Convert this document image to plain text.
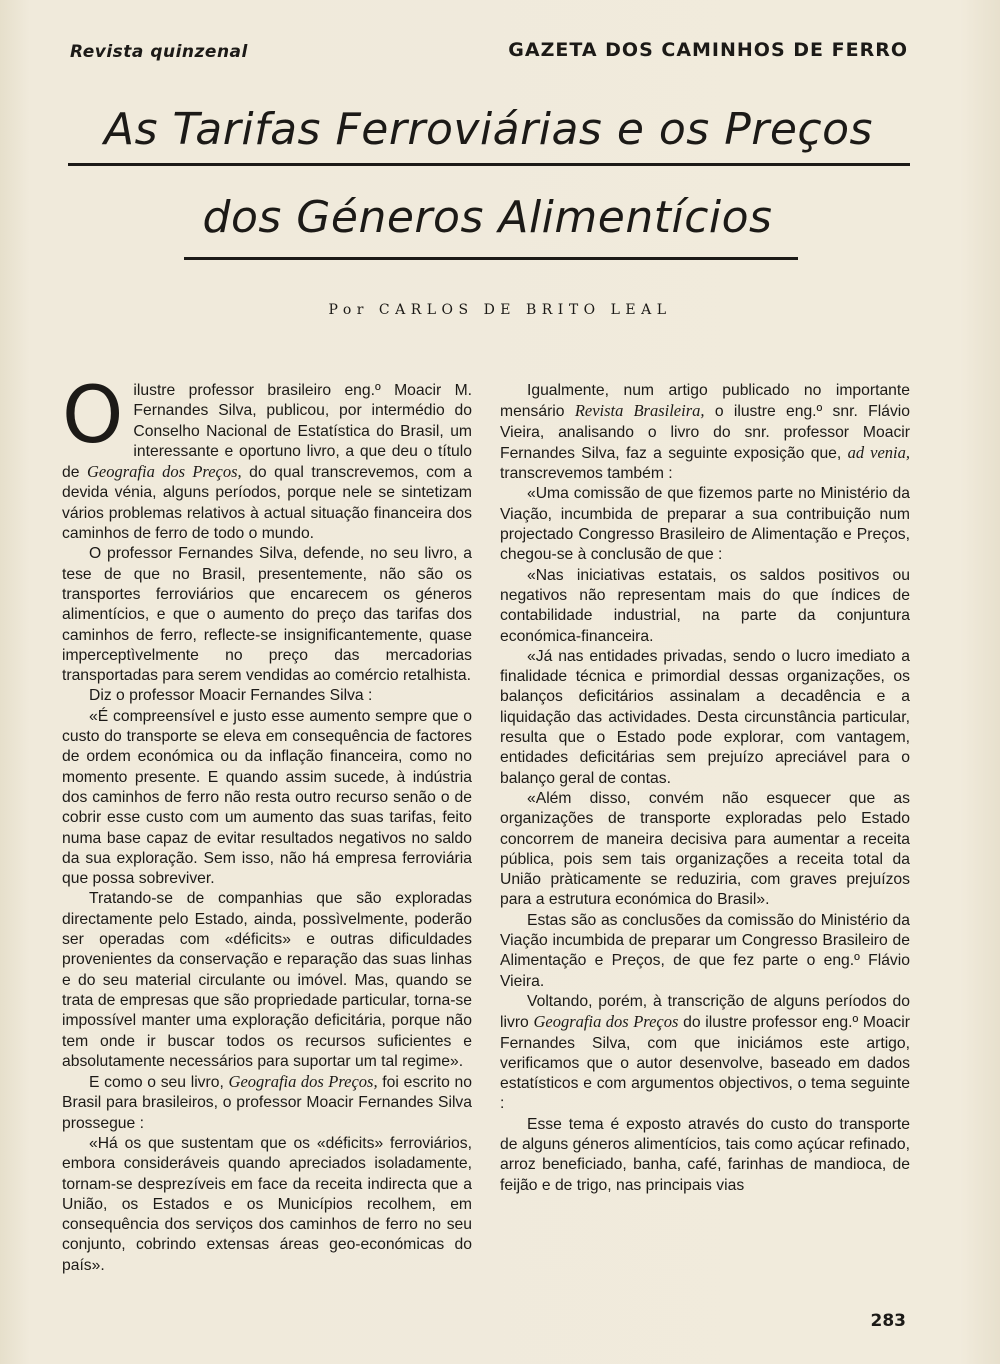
Revista quinzenal	GAZETA DOS CAMINHOS DE FERRO
As Tarifas Ferroviárias e os Preços
dos Géneros Alimentícios
Por CARLOS DE BRITO LEAL

Oilustre professor brasileiro eng.º Moacir M. Fernandes Silva, publicou, por intermédio do Conselho Nacional de Estatística do Brasil, um interessante e oportuno livro, a que deu o título de Geografia dos Preços, do qual transcrevemos, com a devida vénia, alguns períodos, porque nele se sintetizam vários problemas relativos à actual situação financeira dos caminhos de ferro de todo o mundo.

O professor Fernandes Silva, defende, no seu livro, a tese de que no Brasil, presentemente, não são os transportes ferroviários que encarecem os géneros alimentícios, e que o aumento do preço das tarifas dos caminhos de ferro, reflecte-se insignificantemente, quase imperceptìvelmente no preço das mercadorias transportadas para serem vendidas ao comércio retalhista.

Diz o professor Moacir Fernandes Silva :

«É compreensível e justo esse aumento sempre que o custo do transporte se eleva em consequência de factores de ordem económica ou da inflação financeira, como no momento presente. E quando assim sucede, à indústria dos caminhos de ferro não resta outro recurso senão o de cobrir esse custo com um aumento das suas tarifas, feito numa base capaz de evitar resultados negativos no saldo da sua exploração. Sem isso, não há empresa ferroviária que possa sobreviver.

Tratando-se de companhias que são exploradas directamente pelo Estado, ainda, possìvelmente, poderão ser operadas com «déficits» e outras dificuldades provenientes da conservação e reparação das suas linhas e do seu material circulante ou imóvel. Mas, quando se trata de empresas que são propriedade particular, torna-se impossível manter uma exploração deficitária, porque não tem onde ir buscar todos os recursos suficientes e absolutamente necessários para suportar um tal regime».

E como o seu livro, Geografia dos Preços, foi escrito no Brasil para brasileiros, o professor Moacir Fernandes Silva prossegue :

«Há os que sustentam que os «déficits» ferroviários, embora consideráveis quando apreciados isoladamente, tornam-se desprezíveis em face da receita indirecta que a União, os Estados e os Municípios recolhem, em consequência dos serviços dos caminhos de ferro no seu conjunto, cobrindo extensas áreas geo-económicas do país».

Igualmente, num artigo publicado no importante mensário Revista Brasileira, o ilustre eng.º snr. Flávio Vieira, analisando o livro do snr. professor Moacir Fernandes Silva, faz a seguinte exposição que, ad venia, transcrevemos também :

«Uma comissão de que fizemos parte no Ministério da Viação, incumbida de preparar a sua contribuição num projectado Congresso Brasileiro de Alimentação e Preços, chegou-se à conclusão de que :

«Nas iniciativas estatais, os saldos positivos ou negativos não representam mais do que índices de contabilidade industrial, na parte da conjuntura económica-financeira.

«Já nas entidades privadas, sendo o lucro imediato a finalidade técnica e primordial dessas organizações, os balanços deficitários assinalam a decadência e a liquidação das actividades. Desta circunstância particular, resulta que o Estado pode explorar, com vantagem, entidades deficitárias sem prejuízo apreciável para o balanço geral de contas.

«Além disso, convém não esquecer que as organizações de transporte exploradas pelo Estado concorrem de maneira decisiva para aumentar a receita pública, pois sem tais organizações a receita total da União pràticamente se reduziria, com graves prejuízos para a estrutura económica do Brasil».

Estas são as conclusões da comissão do Ministério da Viação incumbida de preparar um Congresso Brasileiro de Alimentação e Preços, de que fez parte o eng.º Flávio Vieira.

Voltando, porém, à transcrição de alguns períodos do livro Geografia dos Preços do ilustre professor eng.º Moacir Fernandes Silva, com que iniciámos este artigo, verificamos que o autor desenvolve, baseado em dados estatísticos e com argumentos objectivos, o tema seguinte :

Esse tema é exposto através do custo do transporte de alguns géneros alimentícios, tais como açúcar refinado, arroz beneficiado, banha, café, farinhas de mandioca, de feijão e de trigo, nas principais vias

283
